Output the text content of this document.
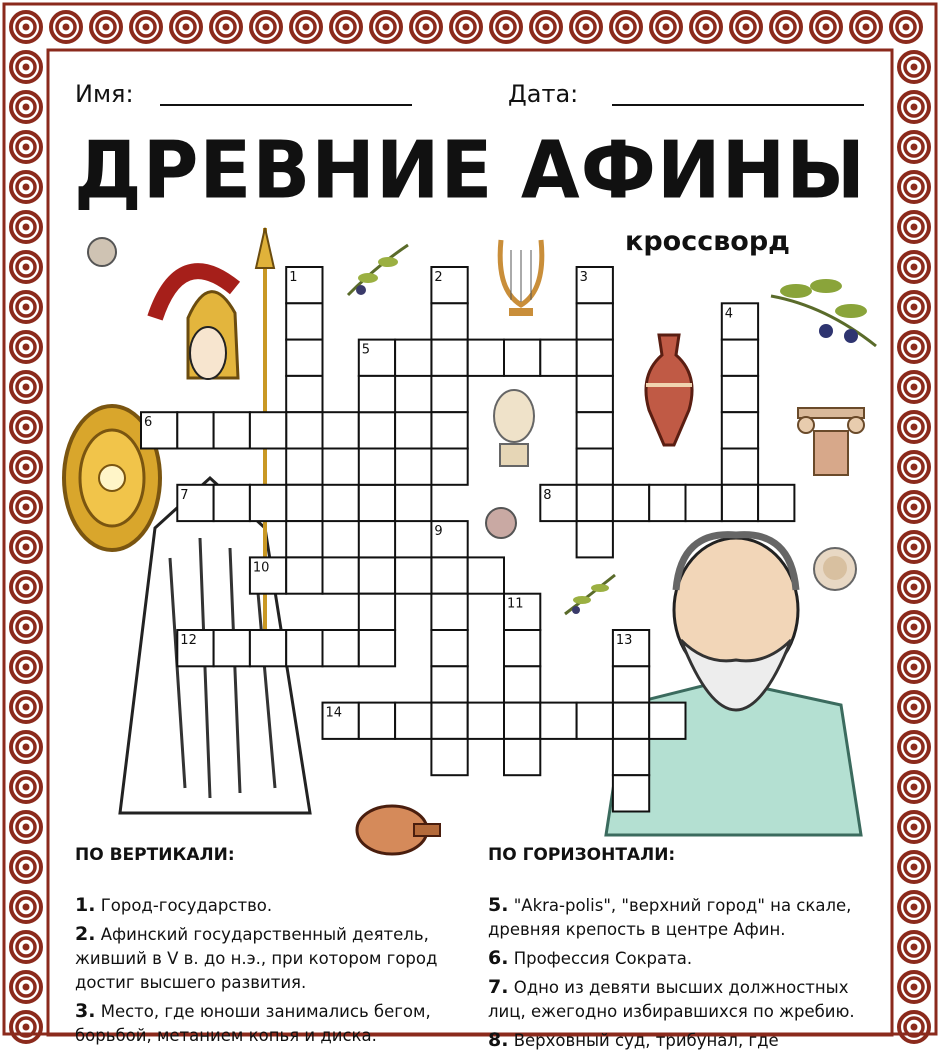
Имя:	Дата:
ДРЕВНИЕ АФИНЫ
кроссворд
1	2	3
4
5
6
7	8
9
10
11
12	13
14
ПО ВЕРТИКАЛИ:	ПО ГОРИЗОНТАЛИ:

1. Город-государство.

2. Афинский государственный деятель, живший в V в. до н.э., при котором город достиг высшего развития.

3. Место, где юноши занимались бегом, борьбой, метанием копья и диска.

5. "Akra-polis", "верхний город" на скале, древняя крепость в центре Афин.

6. Профессия Сократа.

7. Одно из девяти высших должностных лиц, ежегодно избиравшихся по жребию.

8. Верховный суд, трибунал, где
